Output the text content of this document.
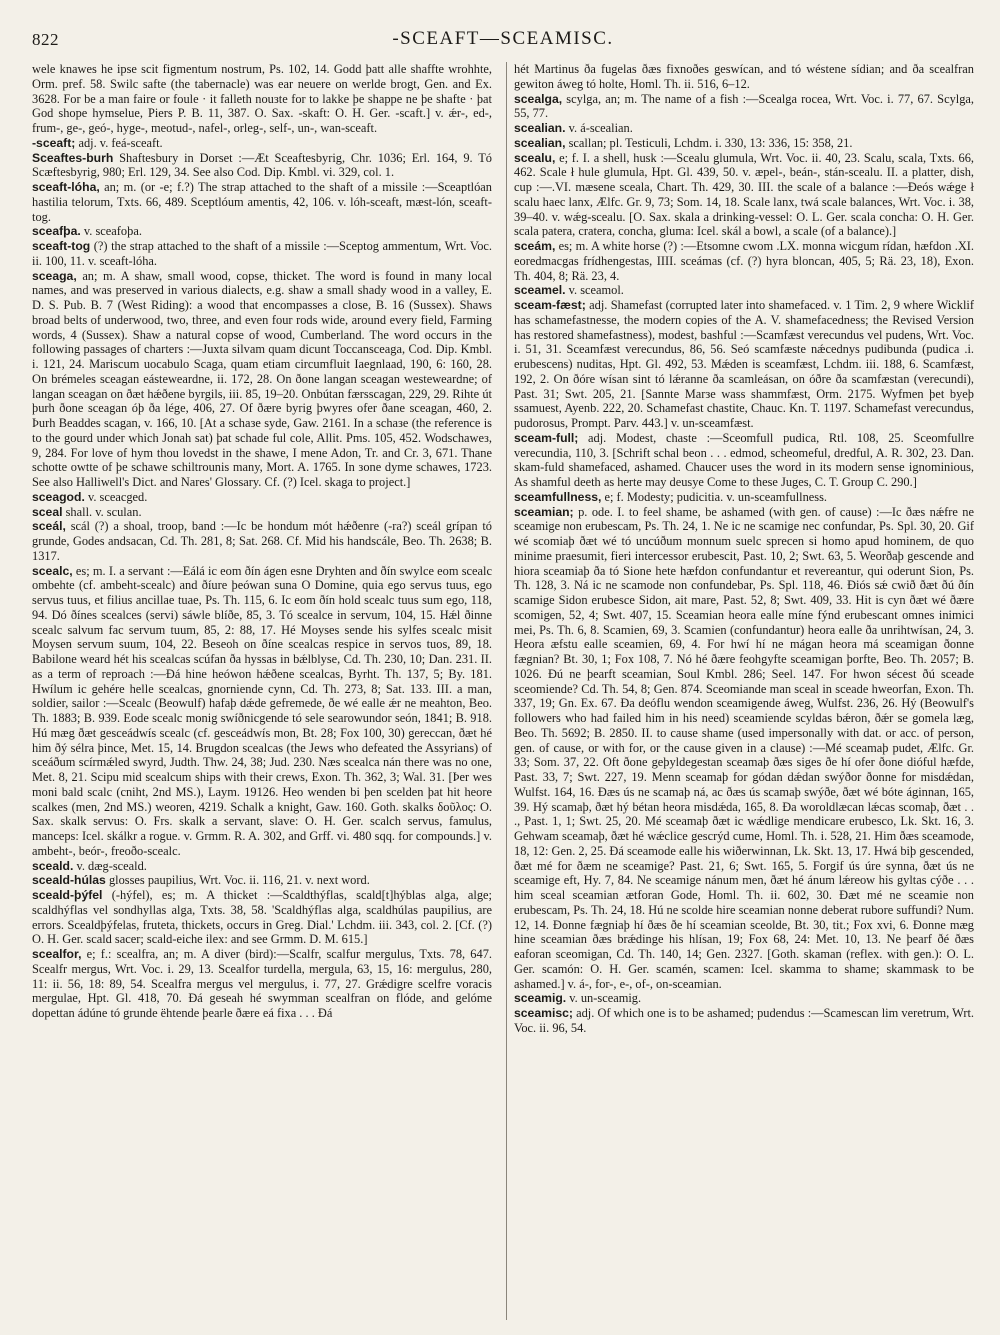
822	-SCEAFT—SCEAMISC.

wele knawes he ipse scit figmentum nostrum, Ps. 102, 14. Godd þatt alle shaffte wrohhte, Orm. pref. 58. Swilc safte (the tabernacle) was ear neuere on werlde brogt, Gen. and Ex. 3628. For be a man faire or foule · it falleth nouзte for to lakke þe shappe ne þe shafte · þat God shope hymselue, Piers P. B. 11, 387. O. Sax. -skaft: O. H. Ger. -scaft.] v. ǽr-, ed-, frum-, ge-, geó-, hyge-, meotud-, nafel-, orleg-, self-, un-, wan-sceaft.

-sceaft; adj. v. feá-sceaft.

Sceaftes-burh Shaftesbury in Dorset :—Æt Sceaftesbyrig, Chr. 1036; Erl. 164, 9. Tó Scæftesbyrig, 980; Erl. 129, 34. See also Cod. Dip. Kmbl. vi. 329, col. 1.

sceaft-lóha, an; m. (or -e; f.?) The strap attached to the shaft of a missile :—Sceaptlóan hastilia telorum, Txts. 66, 489. Sceptlóum amentis, 42, 106. v. lóh-sceaft, mæst-lón, sceaft-tog.

sceafþa. v. sceafoþa.

sceaft-tog (?) the strap attached to the shaft of a missile :—Sceptog ammentum, Wrt. Voc. ii. 100, 11. v. sceaft-lóha.

sceaga, an; m. A shaw, small wood, copse, thicket. The word is found in many local names, and was preserved in various dialects, e.g. shaw a small shady wood in a valley, E. D. S. Pub. B. 7 (West Riding): a wood that encompasses a close, B. 16 (Sussex). Shaws broad belts of underwood, two, three, and even four rods wide, around every field, Farming words, 4 (Sussex). Shaw a natural copse of wood, Cumberland. The word occurs in the following passages of charters :—Juxta silvam quam dicunt Toccansceaga, Cod. Dip. Kmbl. i. 121, 24. Mariscum uocabulo Scaga, quam etiam circumfluit Iaegnlaad, 190, 6: 160, 28. On brémeles sceagan eásteweardne, ii. 172, 28. On ðone langan sceagan westeweardne; of langan sceagan on ðæt hǽðene byrgils, iii. 85, 19–20. Onbútan færsscagan, 229, 29. Rihte út þurh ðone sceagan óþ ða lége, 406, 27. Of ðære byrig þwyres ofer ðane sceagan, 460, 2. Þurh Beaddes scagan, v. 166, 10. [At a schaзe syde, Gaw. 2161. In a schaзe (the reference is to the gourd under which Jonah sat) þat schade ful cole, Allit. Pms. 105, 452. Wodschaweз, 9, 284. For love of hym thou lovedst in the shawe, I mene Adon, Tr. and Cr. 3, 671. Thane schotte owtte of þe schawe schiltrounis many, Mort. A. 1765. In зone dyme schawes, 1723. See also Halliwell's Dict. and Nares' Glossary. Cf. (?) Icel. skaga to project.]

sceagod. v. sceacged.

sceal shall. v. sculan.

sceál, scál (?) a shoal, troop, band :—Ic be hondum mót hǽðenre (-ra?) sceál grípan tó grunde, Godes andsacan, Cd. Th. 281, 8; Sat. 268. Cf. Mid his handscále, Beo. Th. 2638; B. 1317.

scealc, es; m. I. a servant :—Eálá ic eom ðín ágen esne Dryhten and ðín swylce eom scealc ombehte (cf. ambeht-scealc) and ðíure þeówan suna O Domine, quia ego servus tuus, ego servus tuus, et filius ancillae tuae, Ps. Th. 115, 6. Ic eom ðín hold scealc tuus sum ego, 118, 94. Dó ðínes scealces (servi) sáwle blíðe, 85, 3. Tó scealce in servum, 104, 15. Hǽl ðinne scealc salvum fac servum tuum, 85, 2: 88, 17. Hé Moyses sende his sylfes scealc misit Moysen servum suum, 104, 22. Beseoh on ðíne scealcas respice in servos tuos, 89, 18. Babilone weard hét his scealcas scúfan ða hyssas in bǽlblyse, Cd. Th. 230, 10; Dan. 231. II. as a term of reproach :—Ðá hine heówon hǽðene scealcas, Byrht. Th. 137, 5; By. 181. Hwílum ic gehére helle scealcas, gnorniende cynn, Cd. Th. 273, 8; Sat. 133. III. a man, soldier, sailor :—Scealc (Beowulf) hafaþ dǽde gefremede, ðe wé ealle ǽr ne meahton, Beo. Th. 1883; B. 939. Eode scealc monig swíðnicgende tó sele searowundor seón, 1841; B. 918. Hú mæg ðæt gesceádwís scealc (cf. gesceádwís mon, Bt. 28; Fox 100, 30) gereccan, ðæt hé him ðý sélra þince, Met. 15, 14. Brugdon scealcas (the Jews who defeated the Assyrians) of sceáðum scírmǽled swyrd, Judth. Thw. 24, 38; Jud. 230. Næs scealca nán there was no one, Met. 8, 21. Scipu mid scealcum ships with their crews, Exon. Th. 362, 3; Wal. 31. [Þer wes moni bald scalc (cniht, 2nd MS.), Laym. 19126. Heo wenden bi þen scelden þat hit heore scalkes (men, 2nd MS.) weoren, 4219. Schalk a knight, Gaw. 160. Goth. skalks δοῦλος: O. Sax. skalk servus: O. Frs. skalk a servant, slave: O. H. Ger. scalch servus, famulus, manceps: Icel. skálkr a rogue. v. Grmm. R. A. 302, and Grff. vi. 480 sqq. for compounds.] v. ambeht-, beór-, freoðo-scealc.

sceald. v. dæg-sceald.

sceald-húlas glosses paupilius, Wrt. Voc. ii. 116, 21. v. next word.

sceald-þýfel (-hýfel), es; m. A thicket :—Scaldthýflas, scald[t]hýblas alga, alge; scaldhýflas vel sondhyllas alga, Txts. 38, 58. 'Scaldhýflas alga, scaldhúlas paupilius, are errors. Scealdþýfelas, fruteta, thickets, occurs in Greg. Dial.' Lchdm. iii. 343, col. 2. [Cf. (?) O. H. Ger. scald sacer; scald-eiche ilex: and see Grmm. D. M. 615.]

scealfor, e; f.: scealfra, an; m. A diver (bird):—Scalfr, scalfur mergulus, Txts. 78, 647. Scealfr mergus, Wrt. Voc. i. 29, 13. Scealfor turdella, mergula, 63, 15, 16: mergulus, 280, 11: ii. 56, 18: 89, 54. Scealfra mergus vel mergulus, i. 77, 27. Grǽdigre scelfre voracis mergulae, Hpt. Gl. 418, 70. Ðá geseah hé swymman scealfran on flóde, and gelóme dopettan ádúne tó grunde ëhtende þearle ðære eá fixa . . . Ðá

hét Martinus ða fugelas ðæs fixnoðes geswícan, and tó wéstene sídian; and ða scealfran gewiton áweg tó holte, Homl. Th. ii. 516, 6–12.

scealga, scylga, an; m. The name of a fish :—Scealga rocea, Wrt. Voc. i. 77, 67. Scylga, 55, 77.

scealian. v. á-scealian.

scealian, scallan; pl. Testiculi, Lchdm. i. 330, 13: 336, 15: 358, 21.

scealu, e; f. I. a shell, husk :—Scealu glumula, Wrt. Voc. ii. 40, 23. Scalu, scala, Txts. 66, 462. Scale ł hule glumula, Hpt. Gl. 439, 50. v. æpel-, beán-, stán-scealu. II. a platter, dish, cup :—.VI. mæsene sceala, Chart. Th. 429, 30. III. the scale of a balance :—Ðeós wǽge ł scalu haec lanx, Ælfc. Gr. 9, 73; Som. 14, 18. Scale lanx, twá scale balances, Wrt. Voc. i. 38, 39–40. v. wǽg-scealu. [O. Sax. skala a drinking-vessel: O. L. Ger. scala concha: O. H. Ger. scala patera, cratera, concha, gluma: Icel. skál a bowl, a scale (of a balance).]

sceám, es; m. A white horse (?) :—Etsomne cwom .LX. monna wicgum rídan, hæfdon .XI. eoredmacgas frídhengestas, IIII. sceámas (cf. (?) hyra bloncan, 405, 5; Rä. 23, 18), Exon. Th. 404, 8; Rä. 23, 4.

sceamel. v. sceamol.

sceam-fæst; adj. Shamefast (corrupted later into shamefaced. v. 1 Tim. 2, 9 where Wicklif has schamefastnesse, the modern copies of the A. V. shamefacedness; the Revised Version has restored shamefastness), modest, bashful :—Scamfæst verecundus vel pudens, Wrt. Voc. i. 51, 31. Sceamfæst verecundus, 86, 56. Seó scamfæste nǽcednys pudibunda (pudica .i. erubescens) nuditas, Hpt. Gl. 492, 53. Mǽden is sceamfæst, Lchdm. iii. 188, 6. Scamfæst, 192, 2. On ðóre wísan sint tó lǽranne ða scamleásan, on óðre ða scamfæstan (verecundi), Past. 31; Swt. 205, 21. [Sannte Marзe wass shammfæst, Orm. 2175. Wyfmen þet byeþ ssamuest, Ayenb. 222, 20. Schamefast chastite, Chauc. Kn. T. 1197. Schamefast verecundus, pudorosus, Prompt. Parv. 443.] v. un-sceamfæst.

sceam-full; adj. Modest, chaste :—Sceomfull pudica, Rtl. 108, 25. Sceomfullre verecundia, 110, 3. [Schrift schal beon . . . edmod, scheomeful, dredful, A. R. 302, 23. Dan. skam-fuld shamefaced, ashamed. Chaucer uses the word in its modern sense ignominious, As shamful deeth as herte may deusye Come to these Juges, C. T. Group C. 290.]

sceamfullness, e; f. Modesty; pudicitia. v. un-sceamfullness.

sceamian; p. ode. I. to feel shame, be ashamed (with gen. of cause) :—Ic ðæs nǽfre ne sceamige non erubescam, Ps. Th. 24, 1. Ne ic ne scamige nec confundar, Ps. Spl. 30, 20. Gif wé scomiaþ ðæt wé tó uncúðum monnum suelc sprecen si homo apud hominem, de quo minime praesumit, fieri intercessor erubescit, Past. 10, 2; Swt. 63, 5. Weorðaþ gescende and hiora sceamiaþ ða tó Sione hete hæfdon confundantur et revereantur, qui oderunt Sion, Ps. Th. 128, 3. Ná ic ne scamode non confundebar, Ps. Spl. 118, 46. Ðiós sǽ cwið ðæt ðú ðín scamige Sidon erubesce Sidon, ait mare, Past. 52, 8; Swt. 409, 33. Hit is cyn ðæt wé ðære scomigen, 52, 4; Swt. 407, 15. Sceamian heora ealle míne fýnd erubescant omnes inimici mei, Ps. Th. 6, 8. Scamien, 69, 3. Scamien (confundantur) heora ealle ða unrihtwísan, 24, 3. Heora æfstu ealle sceamien, 69, 4. For hwí hí ne mágan heora má sceamigan ðonne fægnian? Bt. 30, 1; Fox 108, 7. Nó hé ðære feohgyfte sceamigan þorfte, Beo. Th. 2057; B. 1026. Ðú ne þearft sceamian, Soul Kmbl. 286; Seel. 147. For hwon sécest ðú sceade sceomiende? Cd. Th. 54, 8; Gen. 874. Sceomiande man sceal in sceade hweorfan, Exon. Th. 337, 19; Gn. Ex. 67. Ða deóflu wendon sceamigende áweg, Wulfst. 236, 26. Hý (Beowulf's followers who had failed him in his need) sceamiende scyldas bǽron, ðǽr se gomela læg, Beo. Th. 5692; B. 2850. II. to cause shame (used impersonally with dat. or acc. of person, gen. of cause, or with for, or the cause given in a clause) :—Mé sceamaþ pudet, Ælfc. Gr. 33; Som. 37, 22. Oft ðone geþyldegestan sceamaþ ðæs siges ðe hí ofer ðone dióful hæfde, Past. 33, 7; Swt. 227, 19. Menn sceamaþ for gódan dǽdan swýðor ðonne for misdǽdan, Wulfst. 164, 16. Ðæs ús ne scamaþ ná, ac ðæs ús scamaþ swýðe, ðæt wé bóte áginnan, 165, 39. Hý scamaþ, ðæt hý bétan heora misdǽda, 165, 8. Ða woroldlæcan lǽcas scomaþ, ðæt . . ., Past. 1, 1; Swt. 25, 20. Mé sceamaþ ðæt ic wǽdlige mendicare erubesco, Lk. Skt. 16, 3. Gehwam sceamaþ, ðæt hé wǽclice gescrýd cume, Homl. Th. i. 528, 21. Him ðæs sceamode, 18, 12: Gen. 2, 25. Ðá sceamode ealle his wiðerwinnan, Lk. Skt. 13, 17. Hwá biþ gescended, ðæt mé for ðæm ne sceamige? Past. 21, 6; Swt. 165, 5. Forgif ús úre synna, ðæt ús ne sceamige eft, Hy. 7, 84. Ne sceamige nánum men, ðæt hé ánum lǽreow his gyltas cýðe . . . him sceal sceamian ætforan Gode, Homl. Th. ii. 602, 30. Ðæt mé ne sceamie non erubescam, Ps. Th. 24, 18. Hú ne scolde hire sceamian nonne deberat rubore suffundi? Num. 12, 14. Ðonne fægniaþ hí ðæs ðe hí sceamian sceolde, Bt. 30, tit.; Fox xvi, 6. Ðonne mæg hine sceamian ðæs brǽdinge his hlísan, 19; Fox 68, 24: Met. 10, 13. Ne þearf ðé ðæs eaforan sceomigan, Cd. Th. 140, 14; Gen. 2327. [Goth. skaman (reflex. with gen.): O. L. Ger. scamón: O. H. Ger. scamén, scamen: Icel. skamma to shame; skammask to be ashamed.] v. á-, for-, e-, of-, on-sceamian.

sceamig. v. un-sceamig.

sceamisc; adj. Of which one is to be ashamed; pudendus :—Scamescan lim veretrum, Wrt. Voc. ii. 96, 54.
